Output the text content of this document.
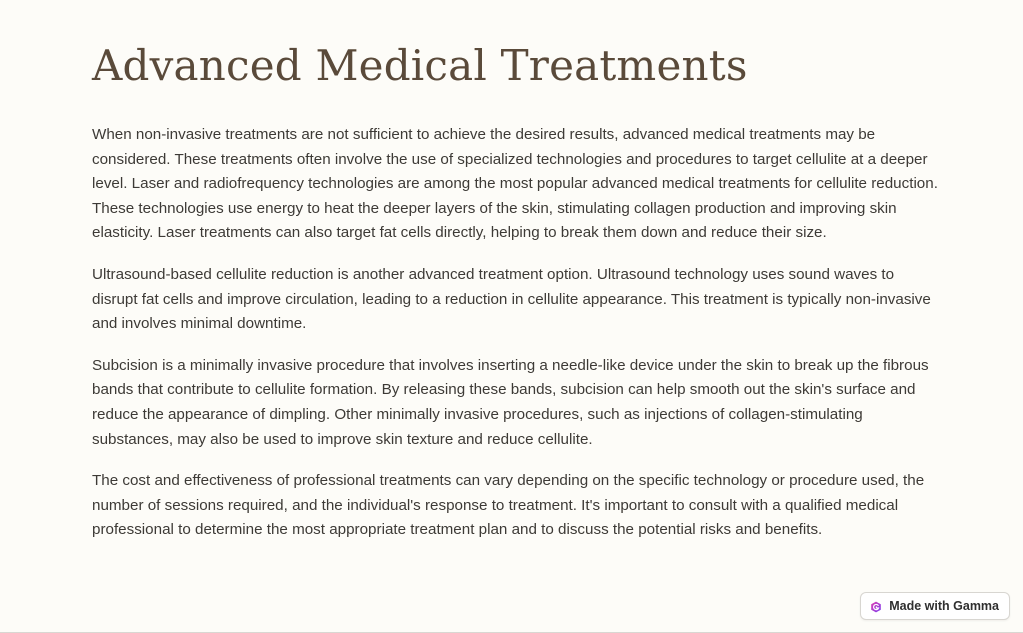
Advanced Medical Treatments

When non-invasive treatments are not sufficient to achieve the desired results, advanced medical treatments may be considered. These treatments often involve the use of specialized technologies and procedures to target cellulite at a deeper level. Laser and radiofrequency technologies are among the most popular advanced medical treatments for cellulite reduction. These technologies use energy to heat the deeper layers of the skin, stimulating collagen production and improving skin elasticity. Laser treatments can also target fat cells directly, helping to break them down and reduce their size.

Ultrasound-based cellulite reduction is another advanced treatment option. Ultrasound technology uses sound waves to disrupt fat cells and improve circulation, leading to a reduction in cellulite appearance. This treatment is typically non-invasive and involves minimal downtime.

Subcision is a minimally invasive procedure that involves inserting a needle-like device under the skin to break up the fibrous bands that contribute to cellulite formation. By releasing these bands, subcision can help smooth out the skin's surface and reduce the appearance of dimpling. Other minimally invasive procedures, such as injections of collagen-stimulating substances, may also be used to improve skin texture and reduce cellulite.

The cost and effectiveness of professional treatments can vary depending on the specific technology or procedure used, the number of sessions required, and the individual's response to treatment. It's important to consult with a qualified medical professional to determine the most appropriate treatment plan and to discuss the potential risks and benefits.

Made with Gamma
